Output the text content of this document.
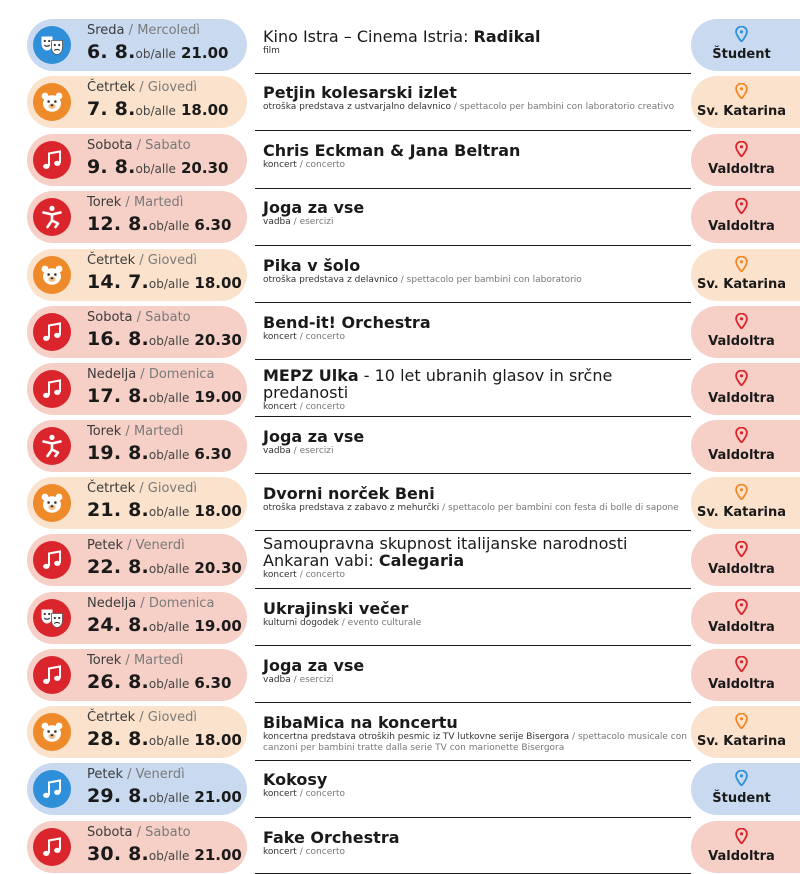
Sreda / Mercoledì
6. 8.ob/alle 21.00
Kino Istra – Cinema Istria: Radikal
film	Študent
Četrtek / Giovedì
7. 8.ob/alle 18.00
Petjin kolesarski izlet
otroška predstava z ustvarjalno delavnico / spettacolo per bambini con laboratorio creativo	Sv. Katarina
Sobota / Sabato
9. 8.ob/alle 20.30
Chris Eckman & Jana Beltran
koncert / concerto	Valdoltra
Torek / Martedì
12. 8.ob/alle 6.30
Joga za vse
vadba / esercizi	Valdoltra
Četrtek / Giovedì
14. 7.ob/alle 18.00
Pika v šolo
otroška predstava z delavnico / spettacolo per bambini con laboratorio	Sv. Katarina
Sobota / Sabato
16. 8.ob/alle 20.30
Bend-it! Orchestra
koncert / concerto	Valdoltra
Nedelja / Domenica
17. 8.ob/alle 19.00
MEPZ Ulka - 10 let ubranih glasov in srčne predanosti
koncert / concerto
Valdoltra
Torek / Martedì
19. 8.ob/alle 6.30
Joga za vse
vadba / esercizi	Valdoltra
Četrtek / Giovedì
21. 8.ob/alle 18.00
Dvorni norček Beni
otroška predstava z zabavo z mehurčki / spettacolo per bambini con festa di bolle di sapone	Sv. Katarina
Petek / Venerdì
22. 8.ob/alle 20.30
Samoupravna skupnost italijanske narodnosti Ankaran vabi: Calegaria
koncert / concerto	Valdoltra
Nedelja / Domenica
24. 8.ob/alle 19.00
Ukrajinski večer
kulturni dogodek / evento culturale	Valdoltra
Torek / Martedì
26. 8.ob/alle 6.30
Joga za vse
vadba / esercizi	Valdoltra
Četrtek / Giovedì
28. 8.ob/alle 18.00
BibaMica na koncertu
koncertna predstava otroških pesmic iz TV lutkovne serije Bisergora / spettacolo musicale con canzoni per bambini tratte dalla serie TV con marionette Bisergora	Sv. Katarina
Petek / Venerdì
29. 8.ob/alle 21.00
Kokosy
koncert / concerto	Študent
Sobota / Sabato
30. 8.ob/alle 21.00
Fake Orchestra
koncert / concerto	Valdoltra
